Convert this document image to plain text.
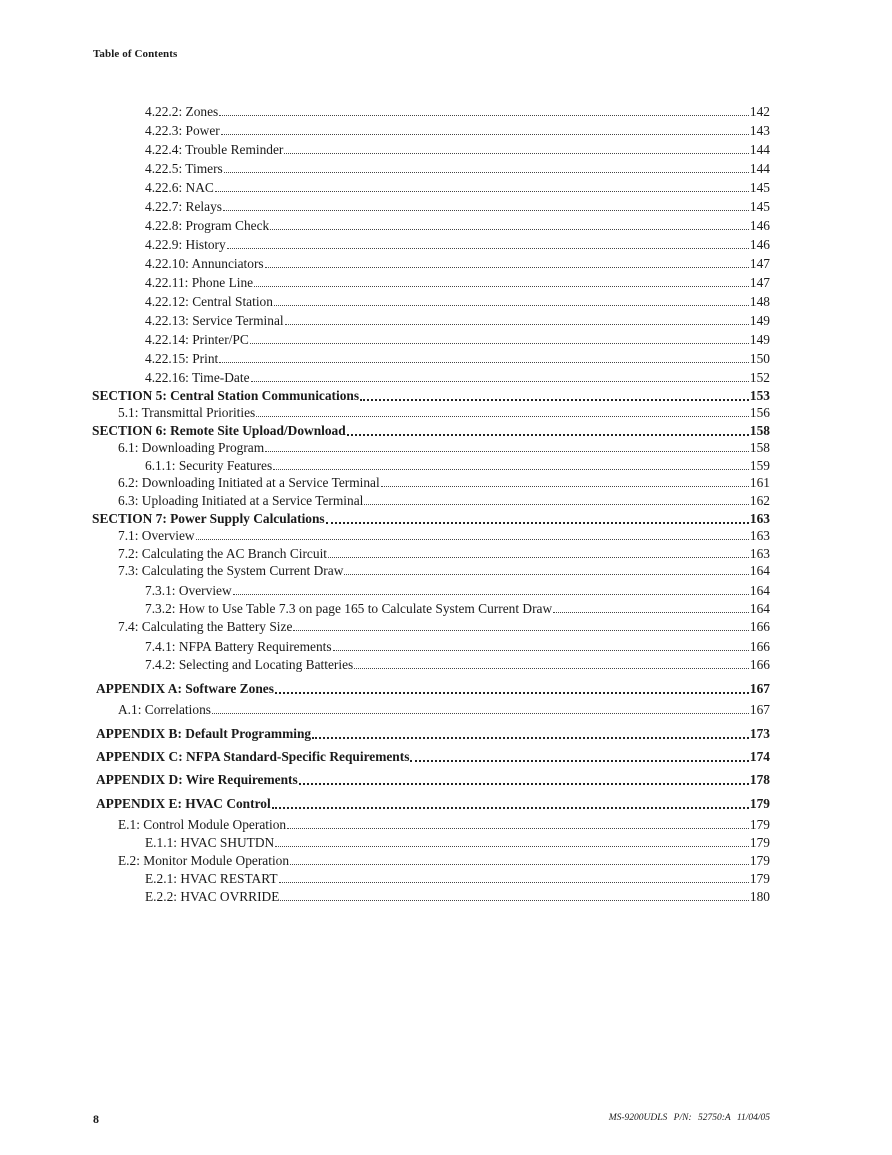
Table of Contents
4.22.2: Zones	142
4.22.3: Power	143
4.22.4: Trouble Reminder	144
4.22.5: Timers	144
4.22.6: NAC	145
4.22.7: Relays	145
4.22.8: Program Check	146
4.22.9: History	146
4.22.10: Annunciators	147
4.22.11: Phone Line	147
4.22.12: Central Station	148
4.22.13: Service Terminal	149
4.22.14: Printer/PC	149
4.22.15: Print	150
4.22.16: Time-Date	152
SECTION 5: Central Station Communications	153
5.1: Transmittal Priorities	156
SECTION 6: Remote Site Upload/Download	158
6.1: Downloading Program	158
6.1.1: Security Features	159
6.2: Downloading Initiated at a Service Terminal	161
6.3: Uploading Initiated at a Service Terminal	162
SECTION 7: Power Supply Calculations	163
7.1: Overview	163
7.2: Calculating the AC Branch Circuit	163
7.3: Calculating the System Current Draw	164
7.3.1: Overview	164
7.3.2: How to Use Table 7.3 on page 165 to Calculate System Current Draw	164
7.4: Calculating the Battery Size	166
7.4.1: NFPA Battery Requirements	166
7.4.2: Selecting and Locating Batteries	166
APPENDIX A: Software Zones	167
A.1: Correlations	167
APPENDIX B: Default Programming	173
APPENDIX C: NFPA Standard-Specific Requirements	174
APPENDIX D: Wire Requirements	178
APPENDIX E: HVAC Control	179
E.1: Control Module Operation	179
E.1.1: HVAC SHUTDN	179
E.2: Monitor Module Operation	179
E.2.1: HVAC RESTART	179
E.2.2: HVAC OVRRIDE	180
8	MS-9200UDLS P/N: 52750:A 11/04/05
